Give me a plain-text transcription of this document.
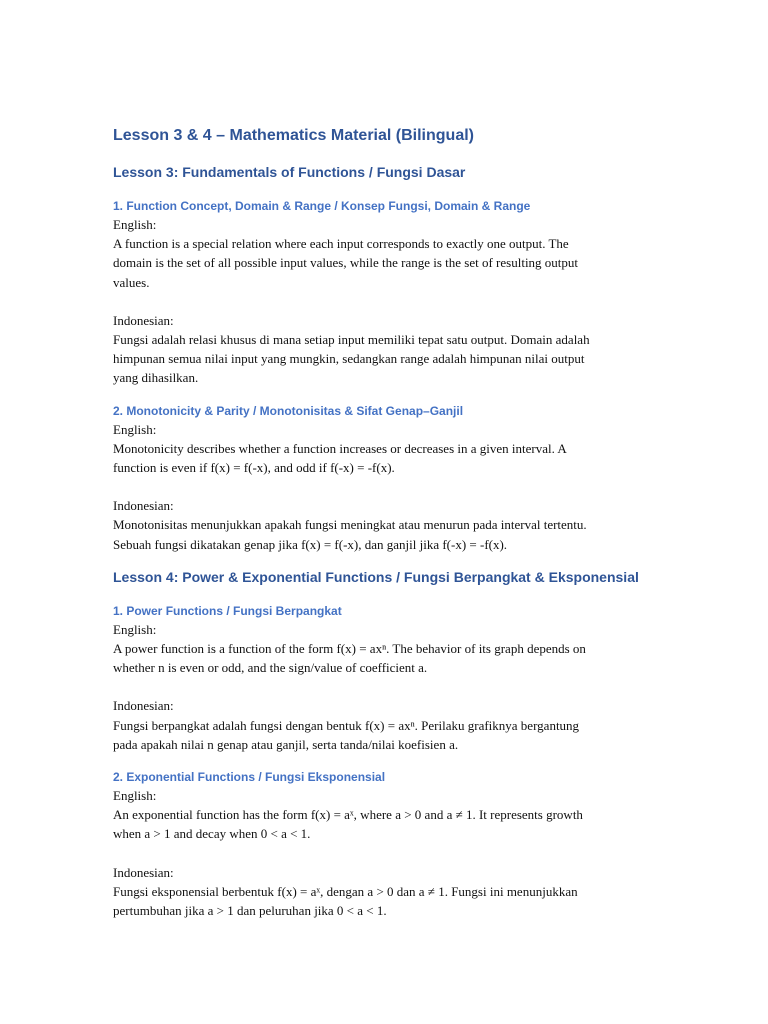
Lesson 3 & 4 – Mathematics Material (Bilingual)
Lesson 3: Fundamentals of Functions / Fungsi Dasar
1. Function Concept, Domain & Range / Konsep Fungsi, Domain & Range

English:

A function is a special relation where each input corresponds to exactly one output. The

domain is the set of all possible input values, while the range is the set of resulting output

values.

Indonesian:

Fungsi adalah relasi khusus di mana setiap input memiliki tepat satu output. Domain adalah

himpunan semua nilai input yang mungkin, sedangkan range adalah himpunan nilai output

yang dihasilkan.

2. Monotonicity & Parity / Monotonisitas & Sifat Genap–Ganjil

English:

Monotonicity describes whether a function increases or decreases in a given interval. A

function is even if f(x) = f(-x), and odd if f(-x) = -f(x).

Indonesian:

Monotonisitas menunjukkan apakah fungsi meningkat atau menurun pada interval tertentu.

Sebuah fungsi dikatakan genap jika f(x) = f(-x), dan ganjil jika f(-x) = -f(x).

Lesson 4: Power & Exponential Functions / Fungsi Berpangkat & Eksponensial
1. Power Functions / Fungsi Berpangkat

English:

A power function is a function of the form f(x) = axⁿ. The behavior of its graph depends on

whether n is even or odd, and the sign/value of coefficient a.

Indonesian:

Fungsi berpangkat adalah fungsi dengan bentuk f(x) = axⁿ. Perilaku grafiknya bergantung

pada apakah nilai n genap atau ganjil, serta tanda/nilai koefisien a.

2. Exponential Functions / Fungsi Eksponensial

English:

An exponential function has the form f(x) = aˣ, where a > 0 and a ≠ 1. It represents growth

when a > 1 and decay when 0 < a < 1.

Indonesian:

Fungsi eksponensial berbentuk f(x) = aˣ, dengan a > 0 dan a ≠ 1. Fungsi ini menunjukkan

pertumbuhan jika a > 1 dan peluruhan jika 0 < a < 1.
